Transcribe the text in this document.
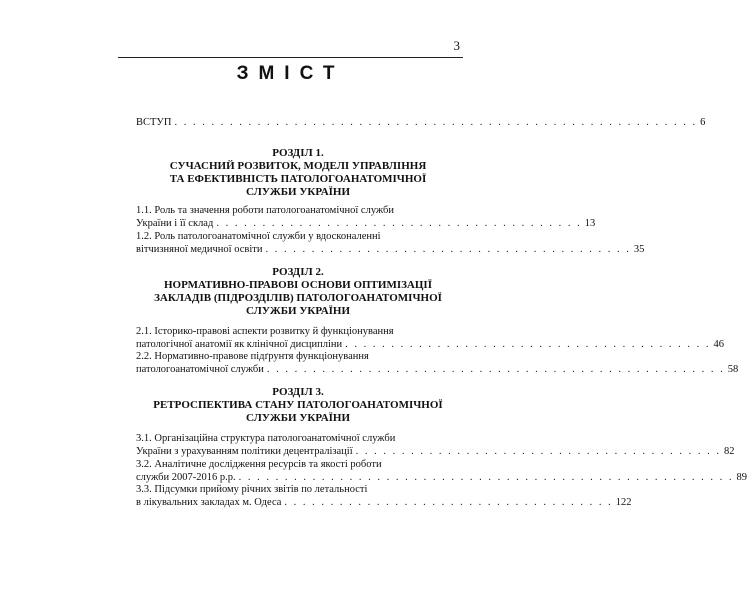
3
ЗМІСТ
ВСТУП . . . . . . . . . . . . . . . . . . . . . . . . . . . . . . . . . . . . . . . . . . . . . . . . . . . . . . . . . 6
РОЗДІЛ 1.
СУЧАСНИЙ РОЗВИТОК, МОДЕЛІ УПРАВЛІННЯ
ТА ЕФЕКТИВНІСТЬ ПАТОЛОГОАНАТОМІЧНОЇ
СЛУЖБИ УКРАЇНИ
1.1. Роль та значення роботи патологоанатомічної служби
України і її склад . . . . . . . . . . . . . . . . . . . . . . . . . . . . . . . . . . . . . . . . 13
1.2. Роль патологоанатомічної служби у вдосконаленні
вітчизняної медичної освіти . . . . . . . . . . . . . . . . . . . . . . . . . . . . . . . . . . . . . . . . 35
РОЗДІЛ 2.
НОРМАТИВНО-ПРАВОВІ ОСНОВИ ОПТИМІЗАЦІЇ
ЗАКЛАДІВ (ПІДРОЗДІЛІВ) ПАТОЛОГОАНАТОМІЧНОЇ
СЛУЖБИ УКРАЇНИ
2.1. Історико-правові аспекти розвитку й функціонування
патологічної анатомії як клінічної дисципліни . . . . . . . . . . . . . . . . . . . . . . . . . . . . . . . . . . . . . . . . 46
2.2. Нормативно-правове підґрунтя функціонування
патологоанатомічної служби . . . . . . . . . . . . . . . . . . . . . . . . . . . . . . . . . . . . . . . . . . . . . . . . . . 58
РОЗДІЛ 3.
РЕТРОСПЕКТИВА СТАНУ ПАТОЛОГОАНАТОМІЧНОЇ
СЛУЖБИ УКРАЇНИ
3.1. Організаційна структура патологоанатомічної служби
України з урахуванням політики децентралізації . . . . . . . . . . . . . . . . . . . . . . . . . . . . . . . . . . . . . . . . 82
3.2. Аналітичне дослідження ресурсів та якості роботи
служби 2007-2016 р.р. . . . . . . . . . . . . . . . . . . . . . . . . . . . . . . . . . . . . . . . . . . . . . . . . . . . . . . 89
3.3. Підсумки прийому річних звітів по летальності
в лікувальних закладах м. Одеса . . . . . . . . . . . . . . . . . . . . . . . . . . . . . . . . . . . . 122
